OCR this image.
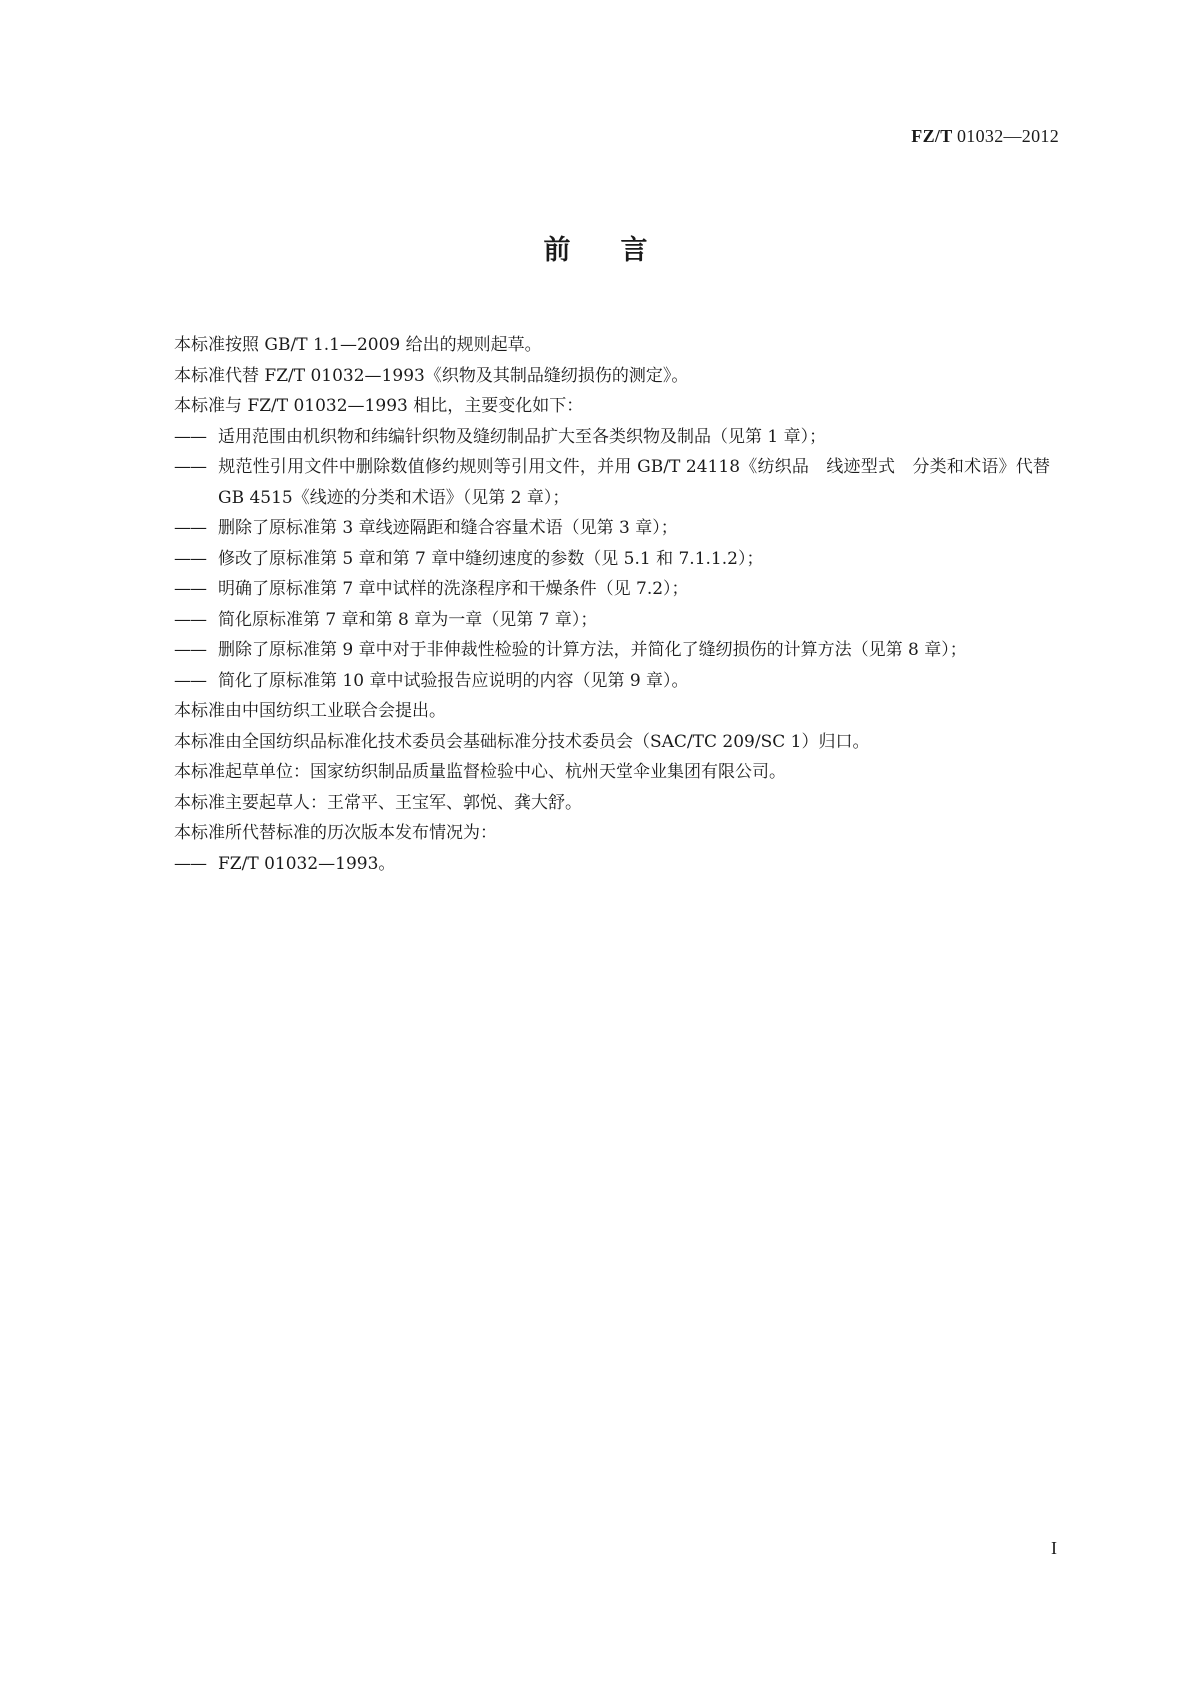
FZ/T 01032—2012
前言

本标准按照 GB/T 1.1—2009 给出的规则起草。

本标准代替 FZ/T 01032—1993《织物及其制品缝纫损伤的测定》。

本标准与 FZ/T 01032—1993 相比，主要变化如下：

—— 适用范围由机织物和纬编针织物及缝纫制品扩大至各类织物及制品（见第 1 章）；

—— 规范性引用文件中删除数值修约规则等引用文件，并用 GB/T 24118《纺织品　线迹型式　分类和术语》代替 GB 4515《线迹的分类和术语》（见第 2 章）；

—— 删除了原标准第 3 章线迹隔距和缝合容量术语（见第 3 章）；

—— 修改了原标准第 5 章和第 7 章中缝纫速度的参数（见 5.1 和 7.1.1.2）；

—— 明确了原标准第 7 章中试样的洗涤程序和干燥条件（见 7.2）；

—— 简化原标准第 7 章和第 8 章为一章（见第 7 章）；

—— 删除了原标准第 9 章中对于非伸裁性检验的计算方法，并简化了缝纫损伤的计算方法（见第 8 章）；

—— 简化了原标准第 10 章中试验报告应说明的内容（见第 9 章）。

本标准由中国纺织工业联合会提出。

本标准由全国纺织品标准化技术委员会基础标准分技术委员会（SAC/TC 209/SC 1）归口。

本标准起草单位：国家纺织制品质量监督检验中心、杭州天堂伞业集团有限公司。

本标准主要起草人：王常平、王宝军、郭悦、龚大舒。

本标准所代替标准的历次版本发布情况为：

—— FZ/T 01032—1993。

I
